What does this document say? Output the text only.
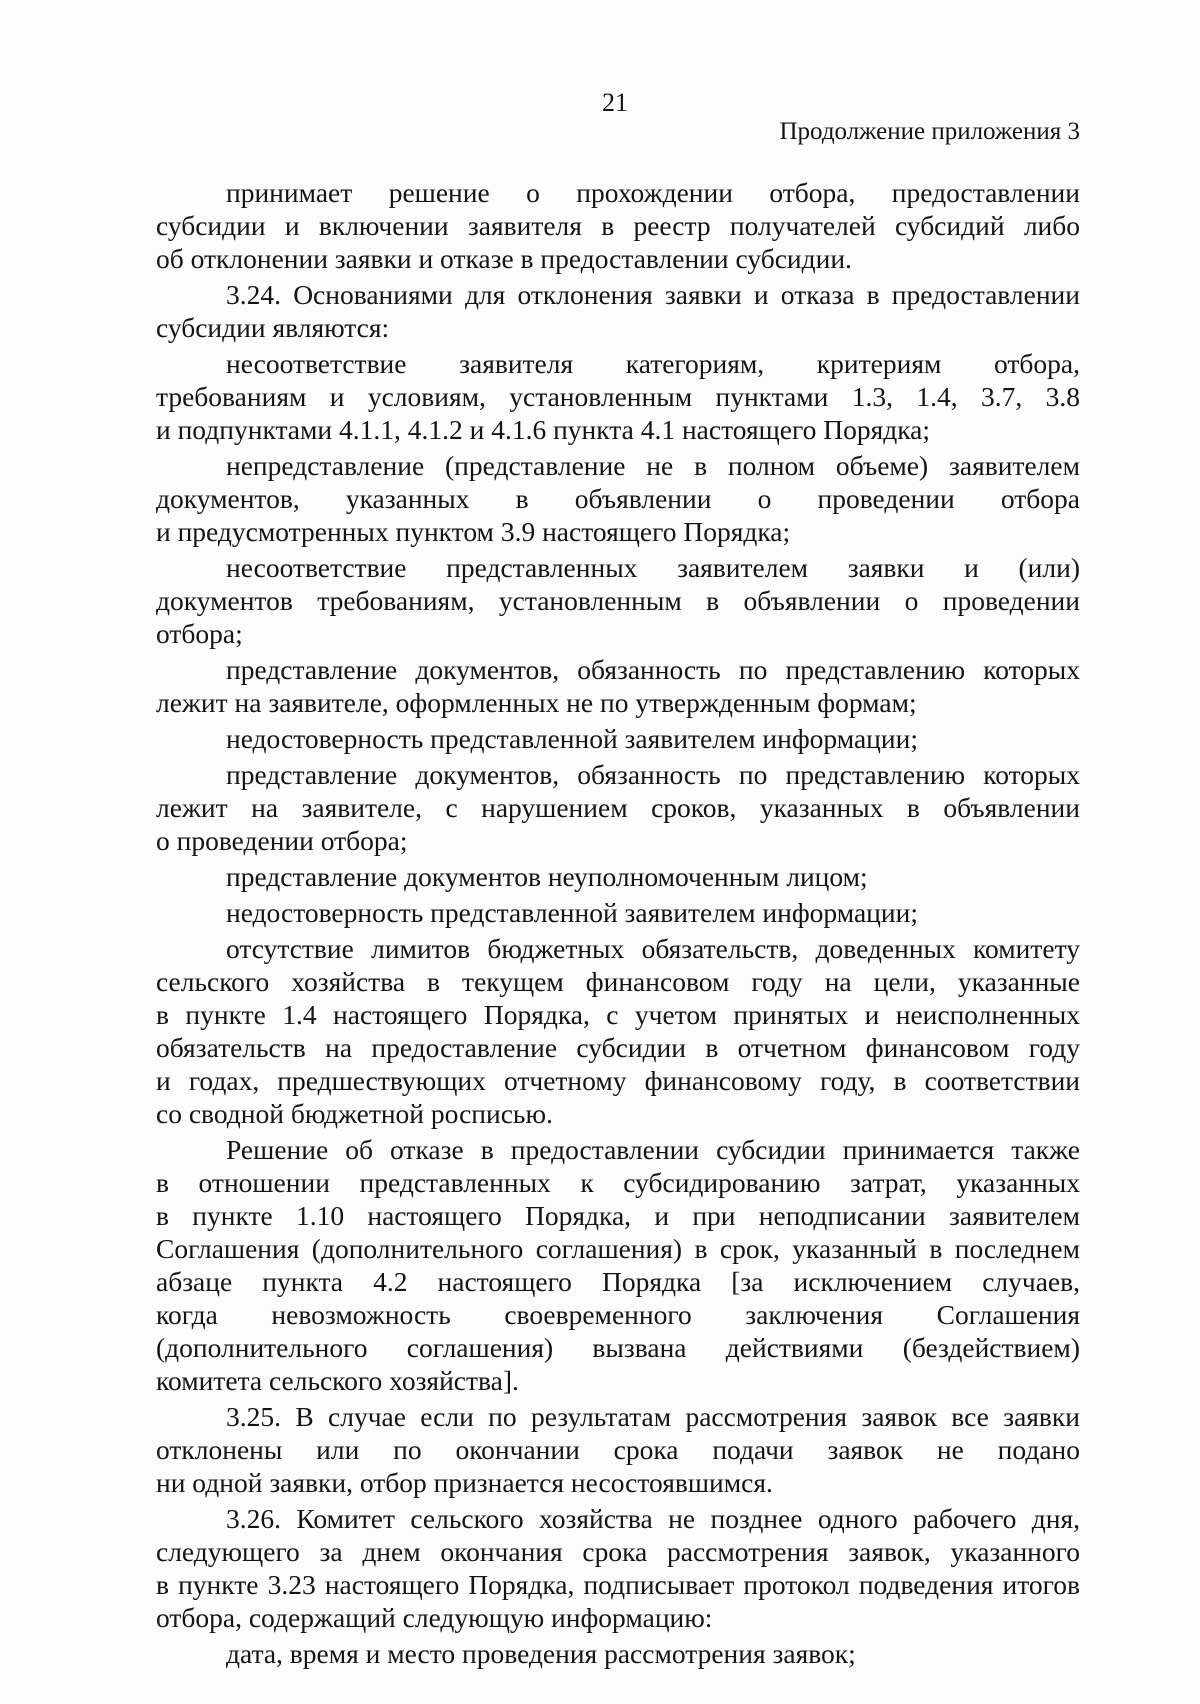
21
Продолжение приложения 3
принимает решение о прохождении отбора, предоставлении
субсидии и включении заявителя в реестр получателей субсидий либо
об отклонении заявки и отказе в предоставлении субсидии.
3.24. Основаниями для отклонения заявки и отказа в предоставлении
субсидии являются:
несоответствие заявителя категориям, критериям отбора,
требованиям и условиям, установленным пунктами 1.3, 1.4, 3.7, 3.8
и подпунктами 4.1.1, 4.1.2 и 4.1.6 пункта 4.1 настоящего Порядка;
непредставление (представление не в полном объеме) заявителем
документов, указанных в объявлении о проведении отбора
и предусмотренных пунктом 3.9 настоящего Порядка;
несоответствие представленных заявителем заявки и (или)
документов требованиям, установленным в объявлении о проведении
отбора;
представление документов, обязанность по представлению которых
лежит на заявителе, оформленных не по утвержденным формам;
недостоверность представленной заявителем информации;
представление документов, обязанность по представлению которых
лежит на заявителе, с нарушением сроков, указанных в объявлении
о проведении отбора;
представление документов неуполномоченным лицом;
недостоверность представленной заявителем информации;
отсутствие лимитов бюджетных обязательств, доведенных комитету
сельского хозяйства в текущем финансовом году на цели, указанные
в пункте 1.4 настоящего Порядка, с учетом принятых и неисполненных
обязательств на предоставление субсидии в отчетном финансовом году
и годах, предшествующих отчетному финансовому году, в соответствии
со сводной бюджетной росписью.
Решение об отказе в предоставлении субсидии принимается также
в отношении представленных к субсидированию затрат, указанных
в пункте 1.10 настоящего Порядка, и при неподписании заявителем
Соглашения (дополнительного соглашения) в срок, указанный в последнем
абзаце пункта 4.2 настоящего Порядка [за исключением случаев,
когда невозможность своевременного заключения Соглашения
(дополнительного соглашения) вызвана действиями (бездействием)
комитета сельского хозяйства].
3.25. В случае если по результатам рассмотрения заявок все заявки
отклонены или по окончании срока подачи заявок не подано
ни одной заявки, отбор признается несостоявшимся.
3.26. Комитет сельского хозяйства не позднее одного рабочего дня,
следующего за днем окончания срока рассмотрения заявок, указанного
в пункте 3.23 настоящего Порядка, подписывает протокол подведения итогов
отбора, содержащий следующую информацию:
дата, время и место проведения рассмотрения заявок;
